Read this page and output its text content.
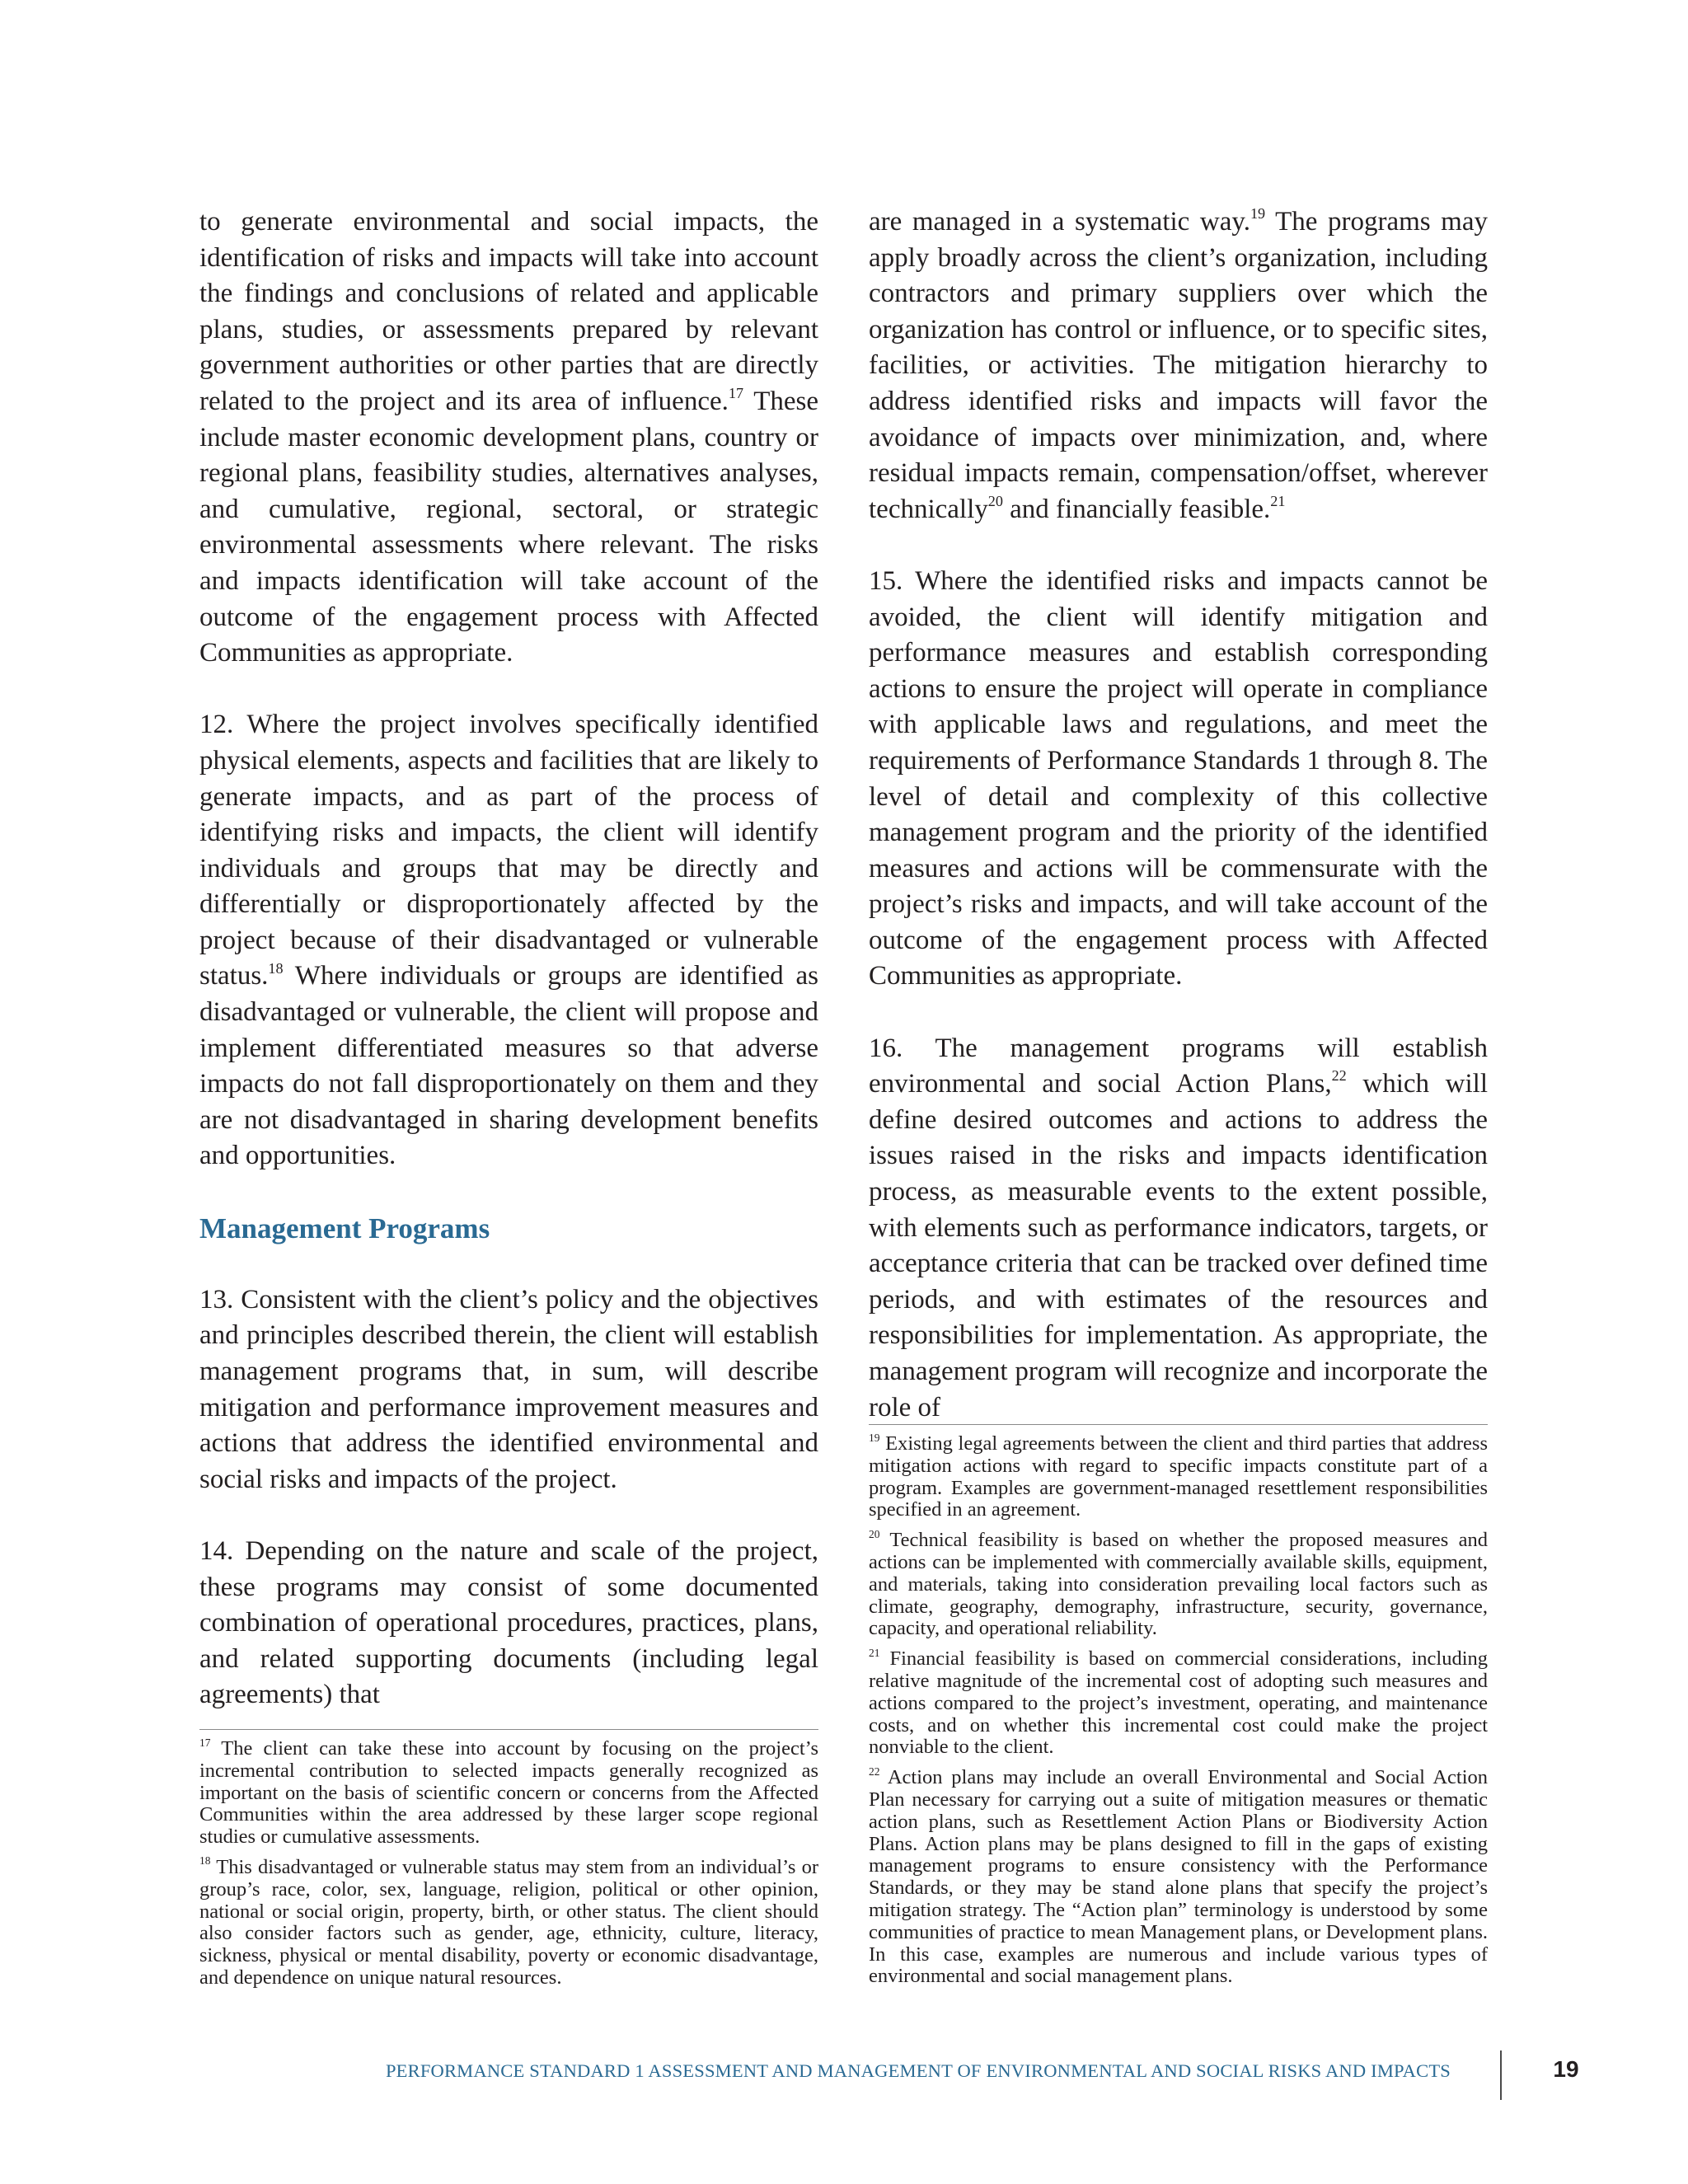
to generate environmental and social impacts, the identification of risks and impacts will take into account the findings and conclusions of related and applicable plans, studies, or assessments prepared by relevant government authorities or other parties that are directly related to the project and its area of influence.$^{17}$ These include master economic development plans, country or regional plans, feasibility studies, alternatives analyses, and cumulative, regional, sectoral, or strategic environmental assessments where relevant. The risks and impacts identification will take account of the outcome of the engagement process with Affected Communities as appropriate.

12. Where the project involves specifically identified physical elements, aspects and facilities that are likely to generate impacts, and as part of the process of identifying risks and impacts, the client will identify individuals and groups that may be directly and differentially or disproportionately affected by the project because of their disadvantaged or vulnerable status.$^{18}$ Where individuals or groups are identified as disadvantaged or vulnerable, the client will propose and implement differentiated measures so that adverse impacts do not fall disproportionately on them and they are not disadvantaged in sharing development benefits and opportunities.

Management Programs

13. Consistent with the client’s policy and the objectives and principles described therein, the client will establish management programs that, in sum, will describe mitigation and performance improvement measures and actions that address the identified environmental and social risks and impacts of the project.

14. Depending on the nature and scale of the project, these programs may consist of some documented combination of operational procedures, practices, plans, and related supporting documents (including legal agreements) that

are managed in a systematic way.$^{19}$ The programs may apply broadly across the client’s organization, including contractors and primary suppliers over which the organization has control or influence, or to specific sites, facilities, or activities. The mitigation hierarchy to address identified risks and impacts will favor the avoidance of impacts over minimization, and, where residual impacts remain, compensation/offset, wherever technically$^{20}$ and financially feasible.$^{21}$

15. Where the identified risks and impacts cannot be avoided, the client will identify mitigation and performance measures and establish corresponding actions to ensure the project will operate in compliance with applicable laws and regulations, and meet the requirements of Performance Standards 1 through 8. The level of detail and complexity of this collective management program and the priority of the identified measures and actions will be commensurate with the project’s risks and impacts, and will take account of the outcome of the engagement process with Affected Communities as appropriate.

16. The management programs will establish environmental and social Action Plans,$^{22}$ which will define desired outcomes and actions to address the issues raised in the risks and impacts identification process, as measurable events to the extent possible, with elements such as performance indicators, targets, or acceptance criteria that can be tracked over defined time periods, and with estimates of the resources and responsibilities for implementation. As appropriate, the management program will recognize and incorporate the role of

$^{17}$ The client can take these into account by focusing on the project’s incremental contribution to selected impacts generally recognized as important on the basis of scientific concern or concerns from the Affected Communities within the area addressed by these larger scope regional studies or cumulative assessments.

$^{18}$ This disadvantaged or vulnerable status may stem from an individual’s or group’s race, color, sex, language, religion, political or other opinion, national or social origin, property, birth, or other status. The client should also consider factors such as gender, age, ethnicity, culture, literacy, sickness, physical or mental disability, poverty or economic disadvantage, and dependence on unique natural resources.

$^{19}$ Existing legal agreements between the client and third parties that address mitigation actions with regard to specific impacts constitute part of a program. Examples are government-managed resettlement responsibilities specified in an agreement.

$^{20}$ Technical feasibility is based on whether the proposed measures and actions can be implemented with commercially available skills, equipment, and materials, taking into consideration prevailing local factors such as climate, geography, demography, infrastructure, security, governance, capacity, and operational reliability.

$^{21}$ Financial feasibility is based on commercial considerations, including relative magnitude of the incremental cost of adopting such measures and actions compared to the project’s investment, operating, and maintenance costs, and on whether this incremental cost could make the project nonviable to the client.

$^{22}$ Action plans may include an overall Environmental and Social Action Plan necessary for carrying out a suite of mitigation measures or thematic action plans, such as Resettlement Action Plans or Biodiversity Action Plans. Action plans may be plans designed to fill in the gaps of existing management programs to ensure consistency with the Performance Standards, or they may be stand alone plans that specify the project’s mitigation strategy. The “Action plan” terminology is understood by some communities of practice to mean Management plans, or Development plans. In this case, examples are numerous and include various types of environmental and social management plans.

PERFORMANCE STANDARD 1 ASSESSMENT AND MANAGEMENT OF ENVIRONMENTAL AND SOCIAL RISKS AND IMPACTS	19
